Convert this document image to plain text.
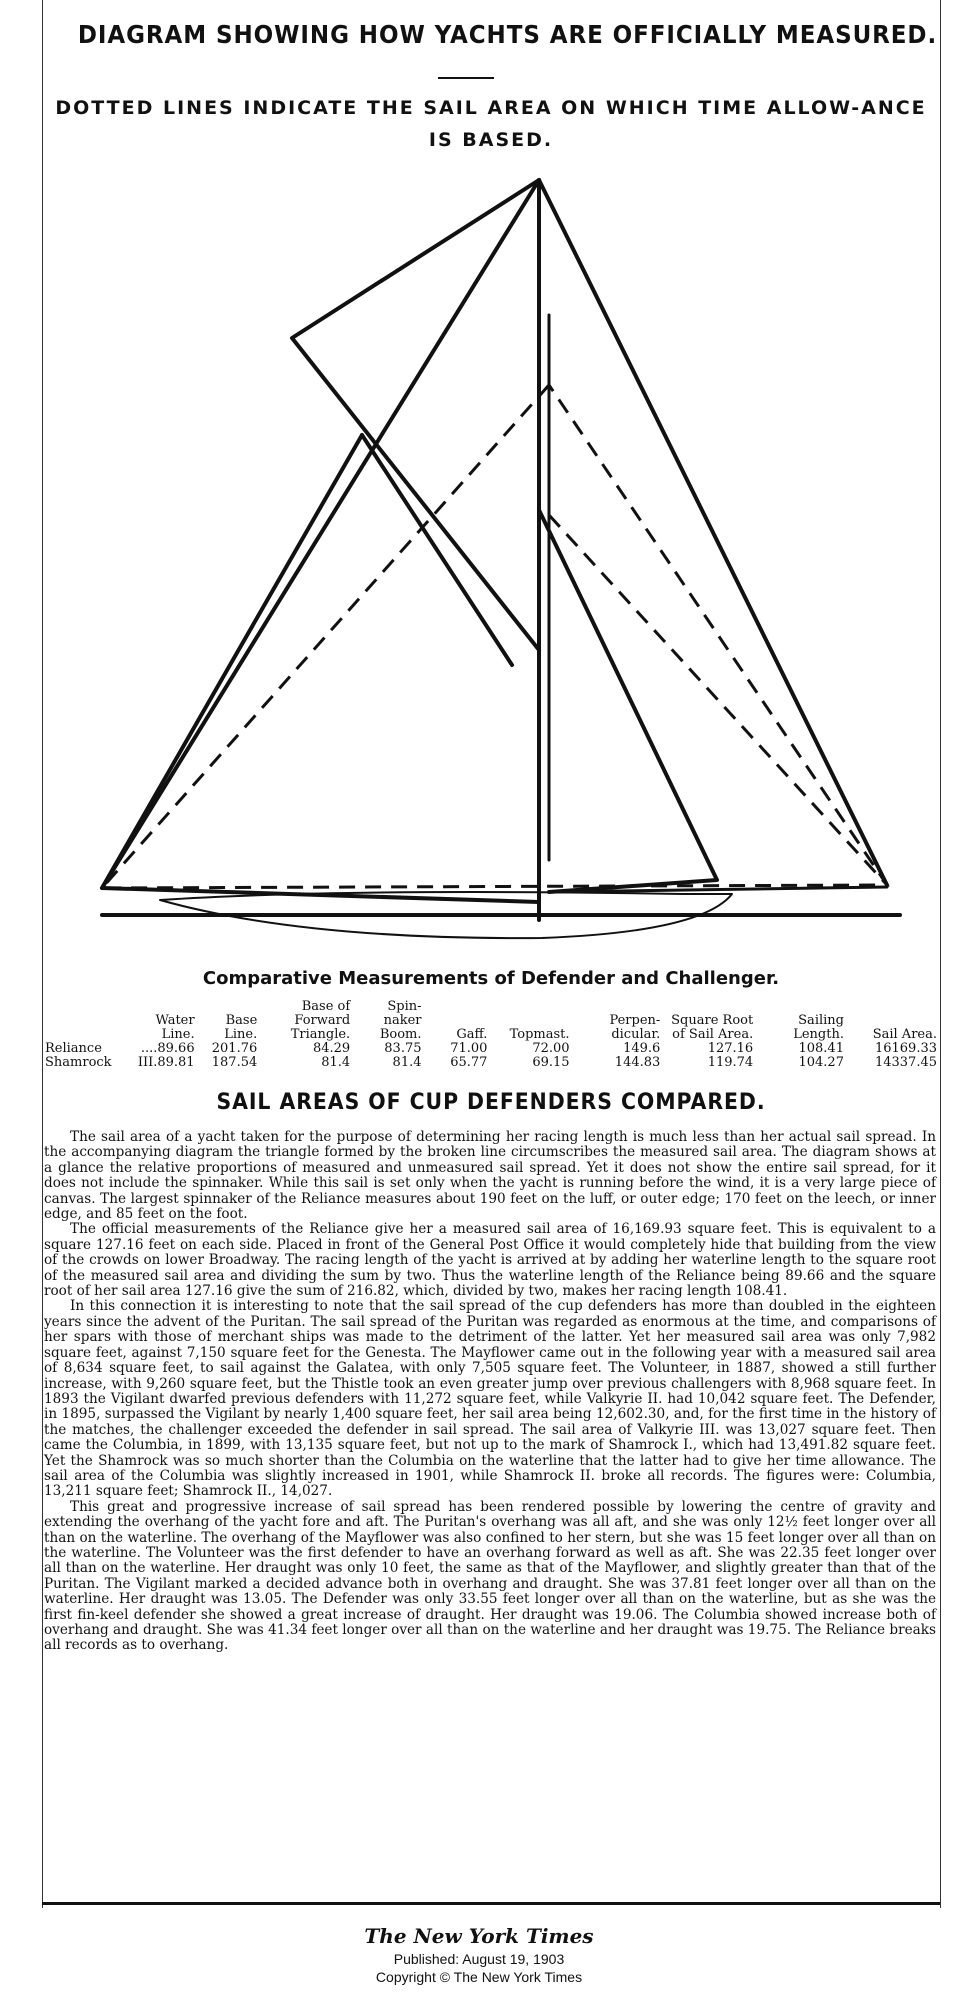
DIAGRAM SHOWING HOW YACHTS ARE OFFICIALLY MEASURED.
DOTTED LINES INDICATE THE SAIL AREA ON WHICH TIME ALLOW-ANCE IS BASED.
Comparative Measurements of Defender and Challenger.
	Water Line.	Base Line.	Base of Forward Triangle.	Spin-naker Boom.	Gaff.	Topmast.	Perpen-dicular.	Square Root of Sail Area.	Sailing Length.	Sail Area.
Reliance	....89.66	201.76	84.29	83.75	71.00	72.00	149.6	127.16	108.41	16169.33
Shamrock	III.89.81	187.54	81.4	81.4	65.77	69.15	144.83	119.74	104.27	14337.45
SAIL AREAS OF CUP DEFENDERS COMPARED.

The sail area of a yacht taken for the purpose of determining her racing length is much less than her actual sail spread. In the accompanying diagram the triangle formed by the broken line circumscribes the measured sail area. The diagram shows at a glance the relative proportions of measured and unmeasured sail spread. Yet it does not show the entire sail spread, for it does not include the spinnaker. While this sail is set only when the yacht is running before the wind, it is a very large piece of canvas. The largest spinnaker of the Reliance measures about 190 feet on the luff, or outer edge; 170 feet on the leech, or inner edge, and 85 feet on the foot.

The official measurements of the Reliance give her a measured sail area of 16,169.93 square feet. This is equivalent to a square 127.16 feet on each side. Placed in front of the General Post Office it would completely hide that building from the view of the crowds on lower Broadway. The racing length of the yacht is arrived at by adding her waterline length to the square root of the measured sail area and dividing the sum by two. Thus the waterline length of the Reliance being 89.66 and the square root of her sail area 127.16 give the sum of 216.82, which, divided by two, makes her racing length 108.41.

In this connection it is interesting to note that the sail spread of the cup defenders has more than doubled in the eighteen years since the advent of the Puritan. The sail spread of the Puritan was regarded as enormous at the time, and comparisons of her spars with those of merchant ships was made to the detriment of the latter. Yet her measured sail area was only 7,982 square feet, against 7,150 square feet for the Genesta. The Mayflower came out in the following year with a measured sail area of 8,634 square feet, to sail against the Galatea, with only 7,505 square feet. The Volunteer, in 1887, showed a still further increase, with 9,260 square feet, but the Thistle took an even greater jump over previous challengers with 8,968 square feet. In 1893 the Vigilant dwarfed previous defenders with 11,272 square feet, while Valkyrie II. had 10,042 square feet. The Defender, in 1895, surpassed the Vigilant by nearly 1,400 square feet, her sail area being 12,602.30, and, for the first time in the history of the matches, the challenger exceeded the defender in sail spread. The sail area of Valkyrie III. was 13,027 square feet. Then came the Columbia, in 1899, with 13,135 square feet, but not up to the mark of Shamrock I., which had 13,491.82 square feet. Yet the Shamrock was so much shorter than the Columbia on the waterline that the latter had to give her time allowance. The sail area of the Columbia was slightly increased in 1901, while Shamrock II. broke all records. The figures were: Columbia, 13,211 square feet; Shamrock II., 14,027.

This great and progressive increase of sail spread has been rendered possible by lowering the centre of gravity and extending the overhang of the yacht fore and aft. The Puritan's overhang was all aft, and she was only 12½ feet longer over all than on the waterline. The overhang of the Mayflower was also confined to her stern, but she was 15 feet longer over all than on the waterline. The Volunteer was the first defender to have an overhang forward as well as aft. She was 22.35 feet longer over all than on the waterline. Her draught was only 10 feet, the same as that of the Mayflower, and slightly greater than that of the Puritan. The Vigilant marked a decided advance both in overhang and draught. She was 37.81 feet longer over all than on the waterline. Her draught was 13.05. The Defender was only 33.55 feet longer over all than on the waterline, but as she was the first fin-keel defender she showed a great increase of draught. Her draught was 19.06. The Columbia showed increase both of overhang and draught. She was 41.34 feet longer over all than on the waterline and her draught was 19.75. The Reliance breaks all records as to overhang.

The New York Times
Published: August 19, 1903
Copyright © The New York Times
